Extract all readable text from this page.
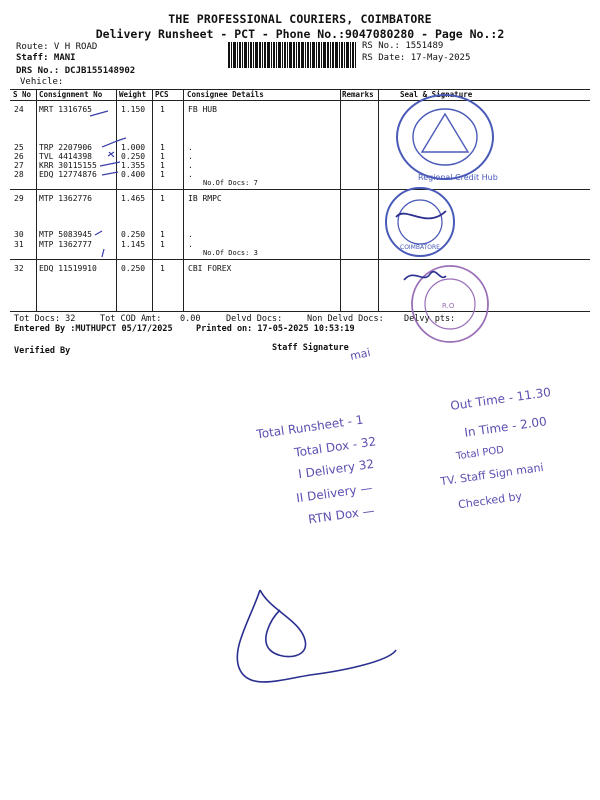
THE PROFESSIONAL COURIERS, COIMBATORE
Delivery Runsheet - PCT - Phone No.:9047080280 - Page No.:2
Route: V H ROAD
Staff: MANI
DRS No.: DCJB155148902
Vehicle:
RS No.: 1551489
RS Date: 17-May-2025
S No Consignment No Weight PCS Consignee Details	Remarks	Seal & Signature
24 MRT 1316765	1.150 1	FB HUB
25 TRP 2207906	1.000 1	.
26 TVL 4414398	0.250 1	.
27 KRR 30115155	1.355 1	.
28 EDQ 12774876	0.400 1	.
No.Of Docs: 7
29 MTP 1362776	1.465 1	IB RMPC
30 MTP 5083945	0.250 1	.
31 MTP 1362777	1.145 1	.
No.Of Docs: 3
32 EDQ 11519910	0.250 1	CBI FOREX
Regional Credit Hub
COIMBATORE
R.O
Tot Docs: 32	Tot COD Amt: 0.00	Delvd Docs:	Non Delvd Docs: Delvy pts:
Entered By :MUTHUPCT 05/17/2025	Printed on: 17-05-2025 10:53:19
Verified By	Staff Signature mai
Total Runsheet - 1
Total Dox - 32
I Delivery 32
II Delivery —
RTN Dox —
Out Time - 11.30
In Time - 2.00
Total POD
TV. Staff Sign mani
Checked by
